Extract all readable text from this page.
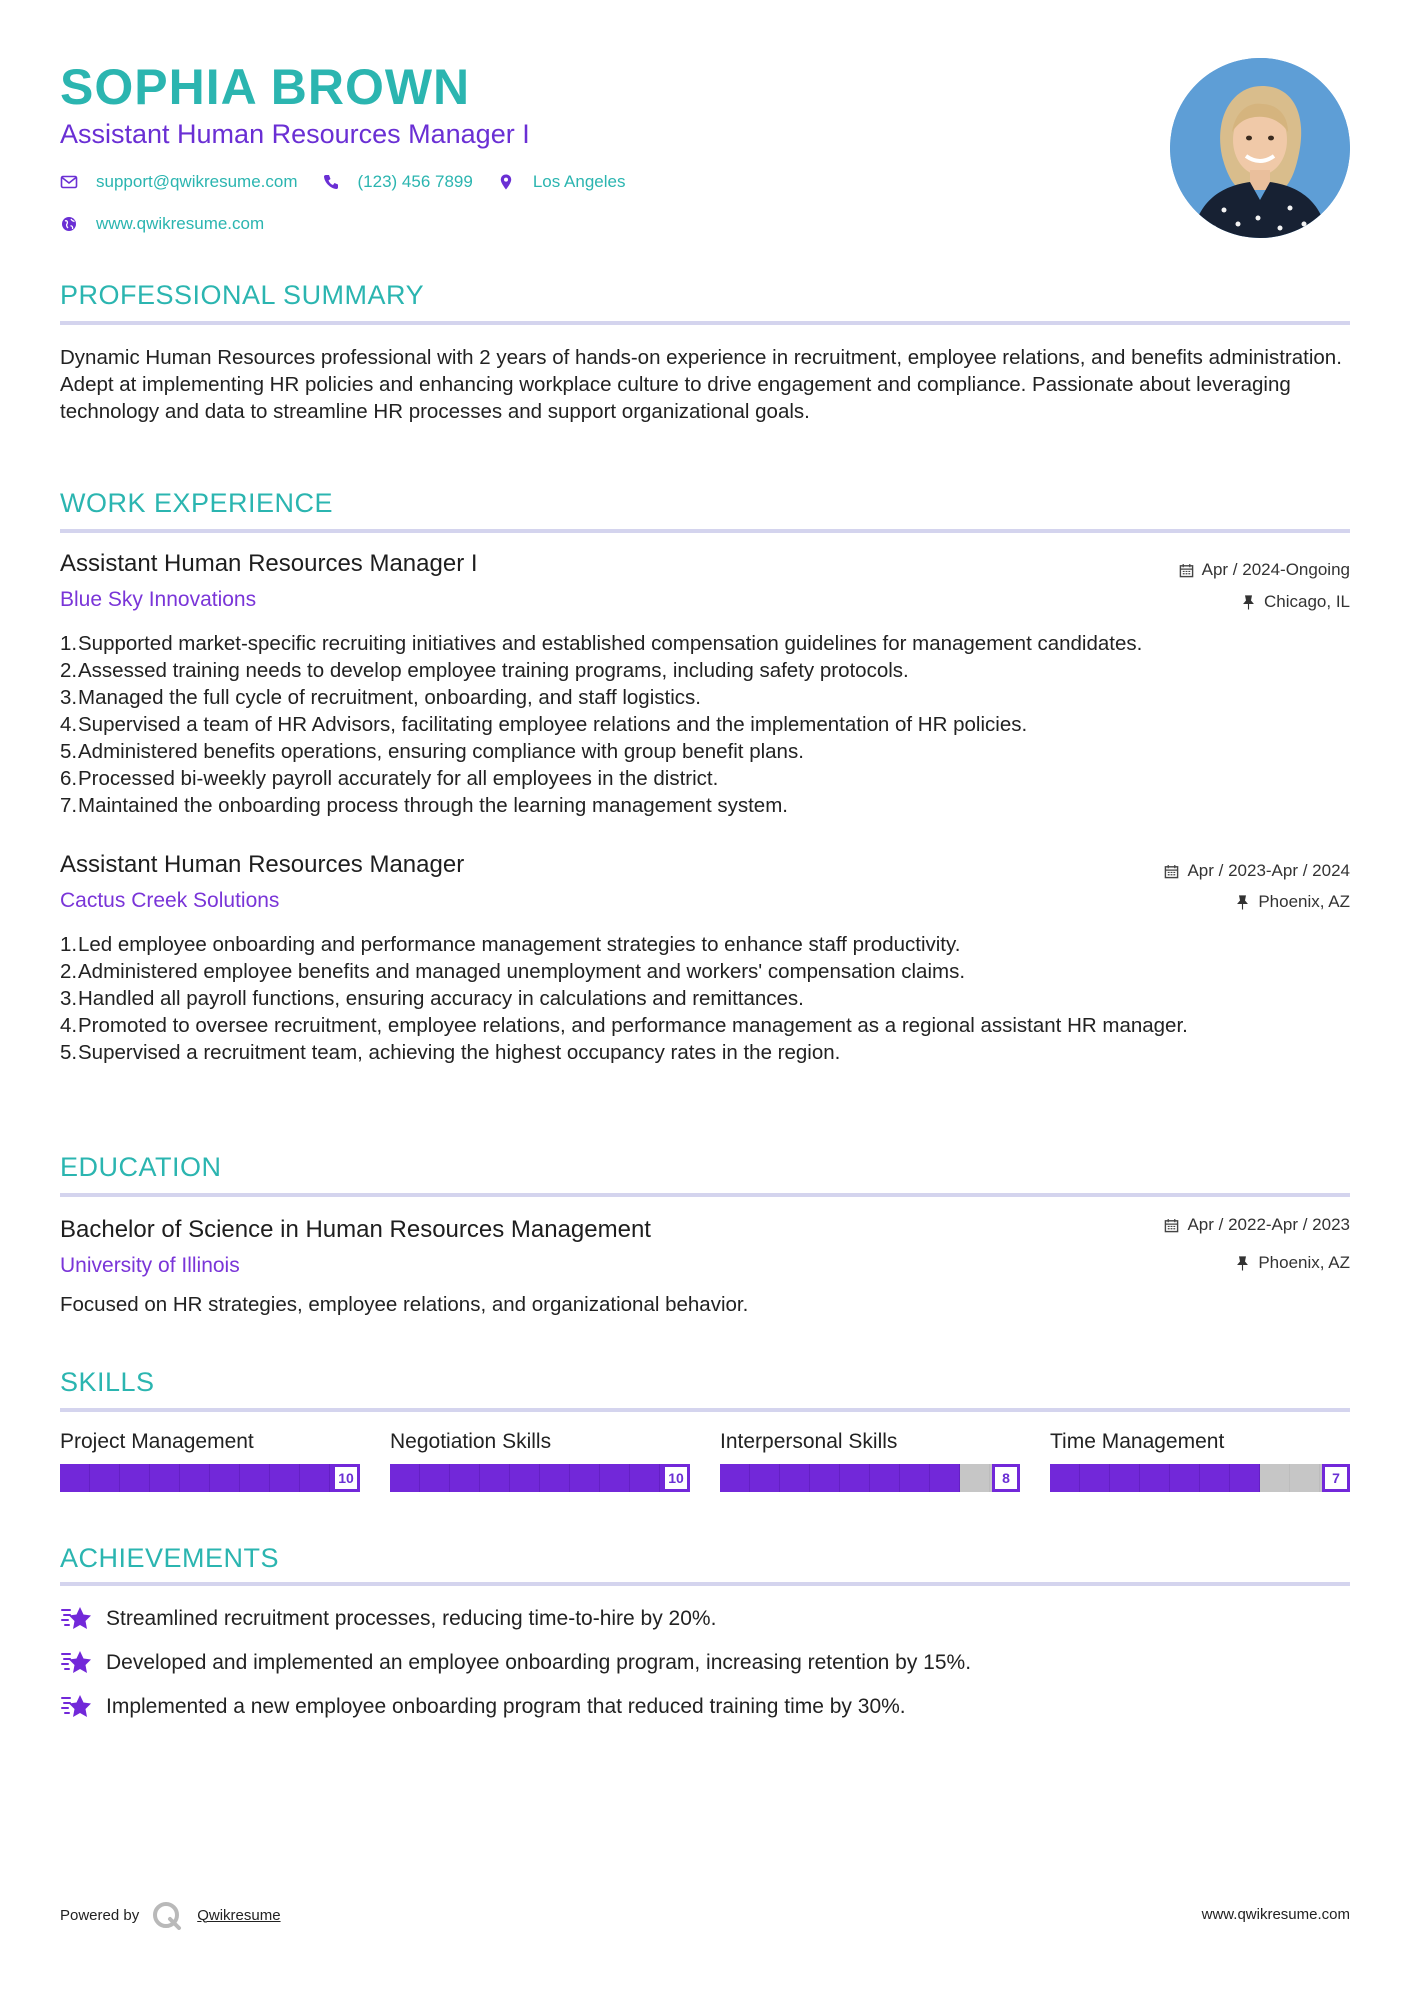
SOPHIA BROWN
Assistant Human Resources Manager I
support@qwikresume.com	(123) 456 7899	Los Angeles
www.qwikresume.com
PROFESSIONAL SUMMARY

Dynamic Human Resources professional with 2 years of hands-on experience in recruitment, employee relations, and benefits administration. Adept at implementing HR policies and enhancing workplace culture to drive engagement and compliance. Passionate about leveraging technology and data to streamline HR processes and support organizational goals.

WORK EXPERIENCE
Assistant Human Resources Manager I
Blue Sky Innovations
Apr / 2024-Ongoing
Chicago, IL
Supported market-specific recruiting initiatives and established compensation guidelines for management candidates.
Assessed training needs to develop employee training programs, including safety protocols.
Managed the full cycle of recruitment, onboarding, and staff logistics.
Supervised a team of HR Advisors, facilitating employee relations and the implementation of HR policies.
Administered benefits operations, ensuring compliance with group benefit plans.
Processed bi-weekly payroll accurately for all employees in the district.
Maintained the onboarding process through the learning management system.
Assistant Human Resources Manager
Cactus Creek Solutions
Apr / 2023-Apr / 2024
Phoenix, AZ
Led employee onboarding and performance management strategies to enhance staff productivity.
Administered employee benefits and managed unemployment and workers' compensation claims.
Handled all payroll functions, ensuring accuracy in calculations and remittances.
Promoted to oversee recruitment, employee relations, and performance management as a regional assistant HR manager.
Supervised a recruitment team, achieving the highest occupancy rates in the region.
EDUCATION
Bachelor of Science in Human Resources Management
University of Illinois
Apr / 2022-Apr / 2023
Phoenix, AZ

Focused on HR strategies, employee relations, and organizational behavior.

SKILLS
Project Management
10
Negotiation Skills
10
Interpersonal Skills
8
Time Management
7
ACHIEVEMENTS
Streamlined recruitment processes, reducing time-to-hire by 20%.
Developed and implemented an employee onboarding program, increasing retention by 15%.
Implemented a new employee onboarding program that reduced training time by 30%.
Powered by	Qwikresume	www.qwikresume.com
